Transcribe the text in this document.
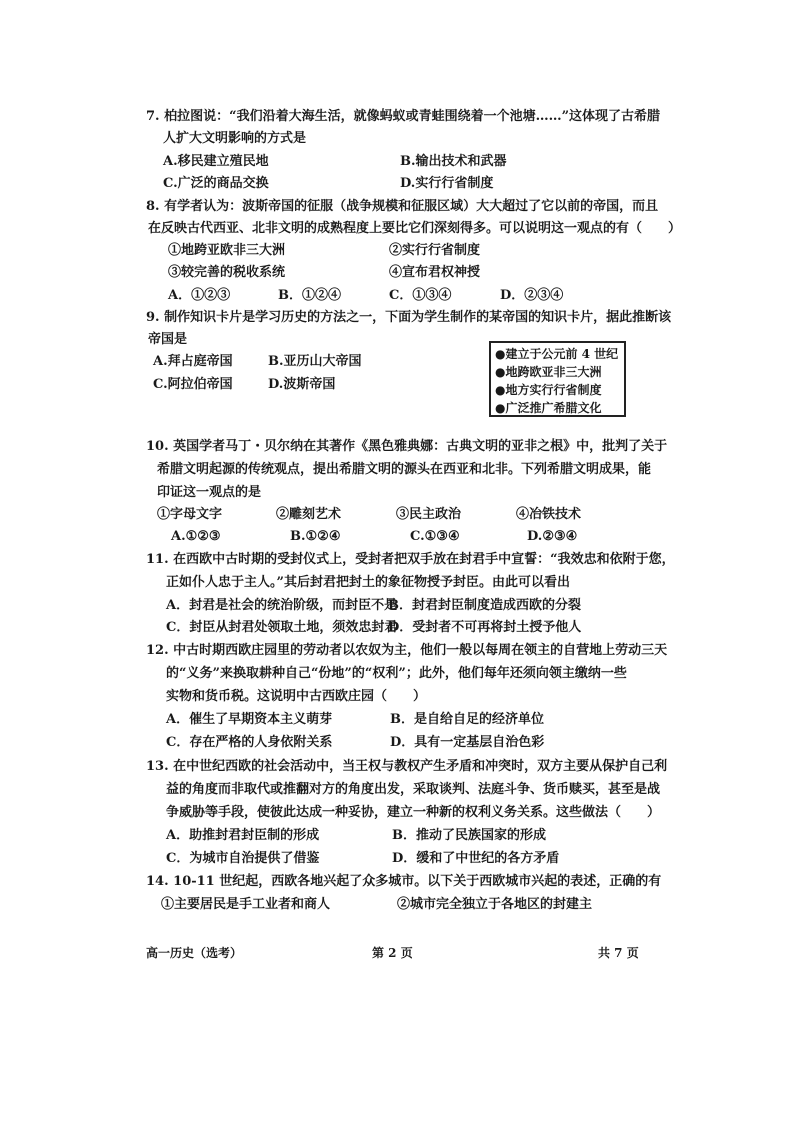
7. 柏拉图说：“我们沿着大海生活，就像蚂蚁或青蛙围绕着一个池塘……”这体现了古希腊
人扩大文明影响的方式是
A.移民建立殖民地	B.输出技术和武器
C.广泛的商品交换	D.实行行省制度
8. 有学者认为：波斯帝国的征服（战争规模和征服区域）大大超过了它以前的帝国，而且
在反映古代西亚、北非文明的成熟程度上要比它们深刻得多。可以说明这一观点的有（　　）
①地跨亚欧非三大洲	②实行行省制度
③较完善的税收系统	④宣布君权神授
A．①②③	B．①②④	C．①③④	D．②③④
9. 制作知识卡片是学习历史的方法之一，下面为学生制作的某帝国的知识卡片，据此推断该
帝国是
A.拜占庭帝国	B.亚历山大帝国
C.阿拉伯帝国	D.波斯帝国
●建立于公元前 4 世纪
●地跨欧亚非三大洲
●地方实行行省制度
●广泛推广希腊文化
10. 英国学者马丁・贝尔纳在其著作《黑色雅典娜：古典文明的亚非之根》中，批判了关于
希腊文明起源的传统观点，提出希腊文明的源头在西亚和北非。下列希腊文明成果，能
印证这一观点的是
①字母文字	②雕刻艺术	③民主政治	④冶铁技术
A.①②③	B.①②④	C.①③④	D.②③④
11. 在西欧中古时期的受封仪式上，受封者把双手放在封君手中宣誓：“我效忠和依附于您，
正如仆人忠于主人。”其后封君把封土的象征物授予封臣。由此可以看出
A．封君是社会的统治阶级，而封臣不是
B．封君封臣制度造成西欧的分裂
C．封臣从封君处领取土地，须效忠封君
D．受封者不可再将封土授予他人
12. 中古时期西欧庄园里的劳动者以农奴为主，他们一般以每周在领主的自营地上劳动三天
的“义务”来换取耕种自己“份地”的“权利”；此外，他们每年还须向领主缴纳一些
实物和货币税。这说明中古西欧庄园（　　）
A．催生了早期资本主义萌芽	B．是自给自足的经济单位
C．存在严格的人身依附关系	D．具有一定基层自治色彩
13. 在中世纪西欧的社会活动中，当王权与教权产生矛盾和冲突时，双方主要从保护自己利
益的角度而非取代或推翻对方的角度出发，采取谈判、法庭斗争、货币赎买，甚至是战
争威胁等手段，使彼此达成一种妥协，建立一种新的权利义务关系。这些做法（　　）
A．助推封君封臣制的形成	B．推动了民族国家的形成
C．为城市自治提供了借鉴	D．缓和了中世纪的各方矛盾
14. 10-11 世纪起，西欧各地兴起了众多城市。以下关于西欧城市兴起的表述，正确的有
①主要居民是手工业者和商人	②城市完全独立于各地区的封建主
高一历史（选考）	第 2 页	共 7 页
